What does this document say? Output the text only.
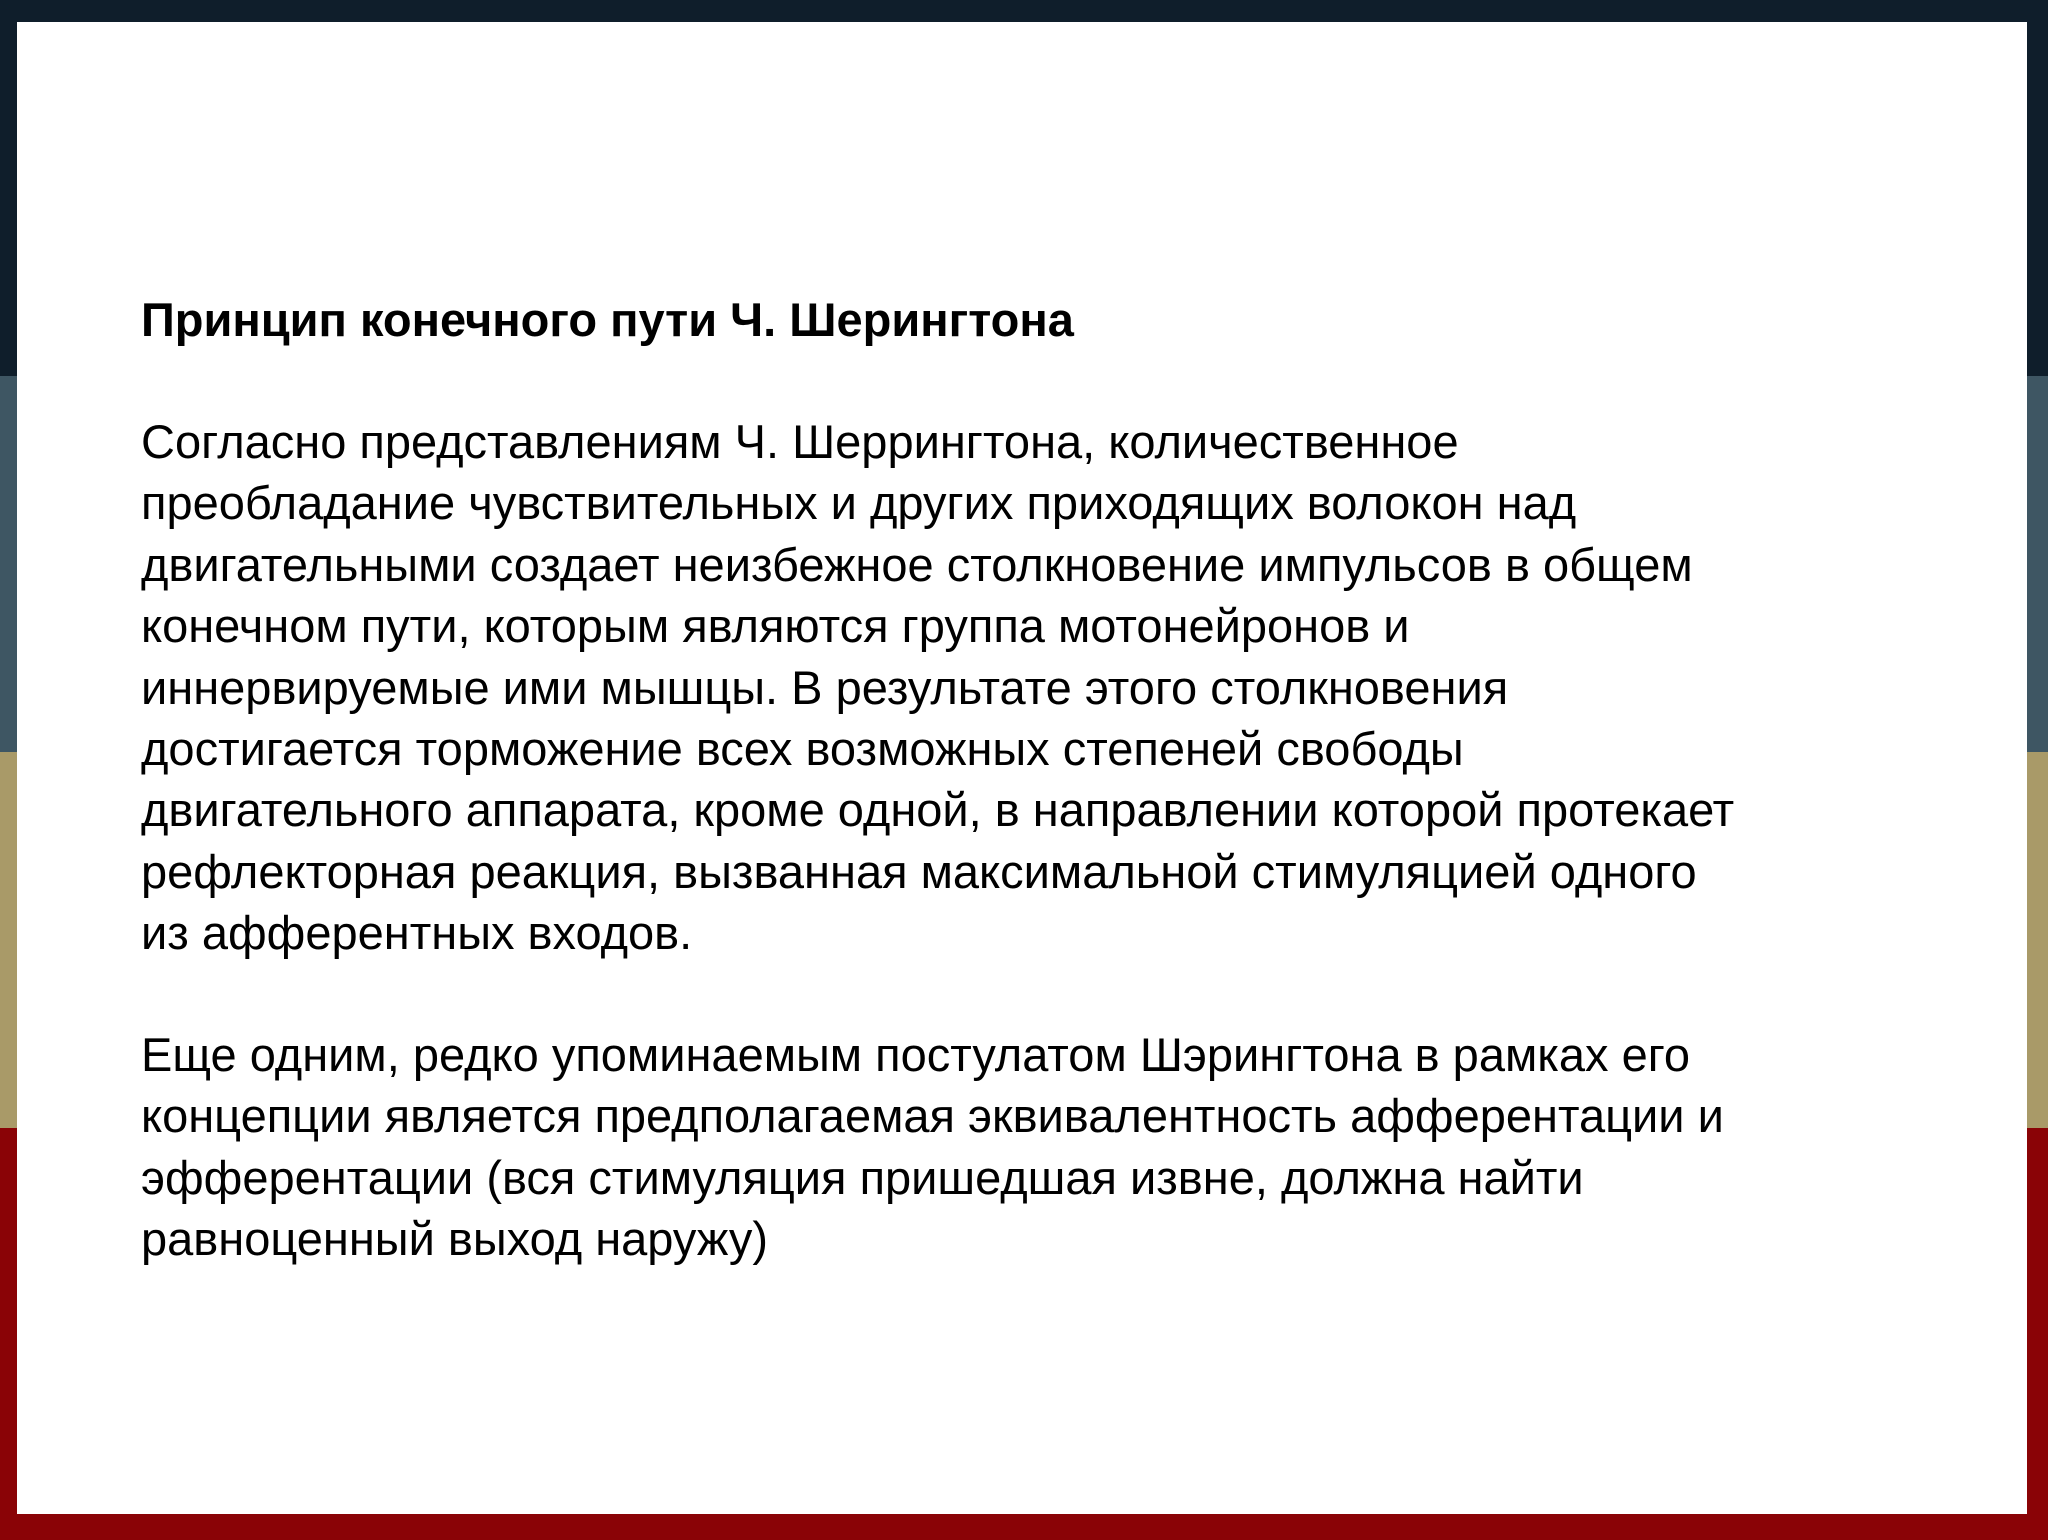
Принцип конечного пути Ч. Шерингтона

Согласно представлениям Ч. Шеррингтона, количественное
преобладание чувствительных и других приходящих волокон над
двигательными создает неизбежное столкновение импульсов в общем
конечном пути, которым являются группа мотонейронов и
иннервируемые ими мышцы. В результате этого столкновения
достигается торможение всех возможных степеней свободы
двигательного аппарата, кроме одной, в направлении которой протекает
рефлекторная реакция, вызванная максимальной стимуляцией одного
из афферентных входов.

Еще одним, редко упоминаемым постулатом Шэрингтона в рамках его
концепции является предполагаемая эквивалентность афферентации и
эфферентации (вся стимуляция пришедшая извне, должна найти
равноценный выход наружу)
